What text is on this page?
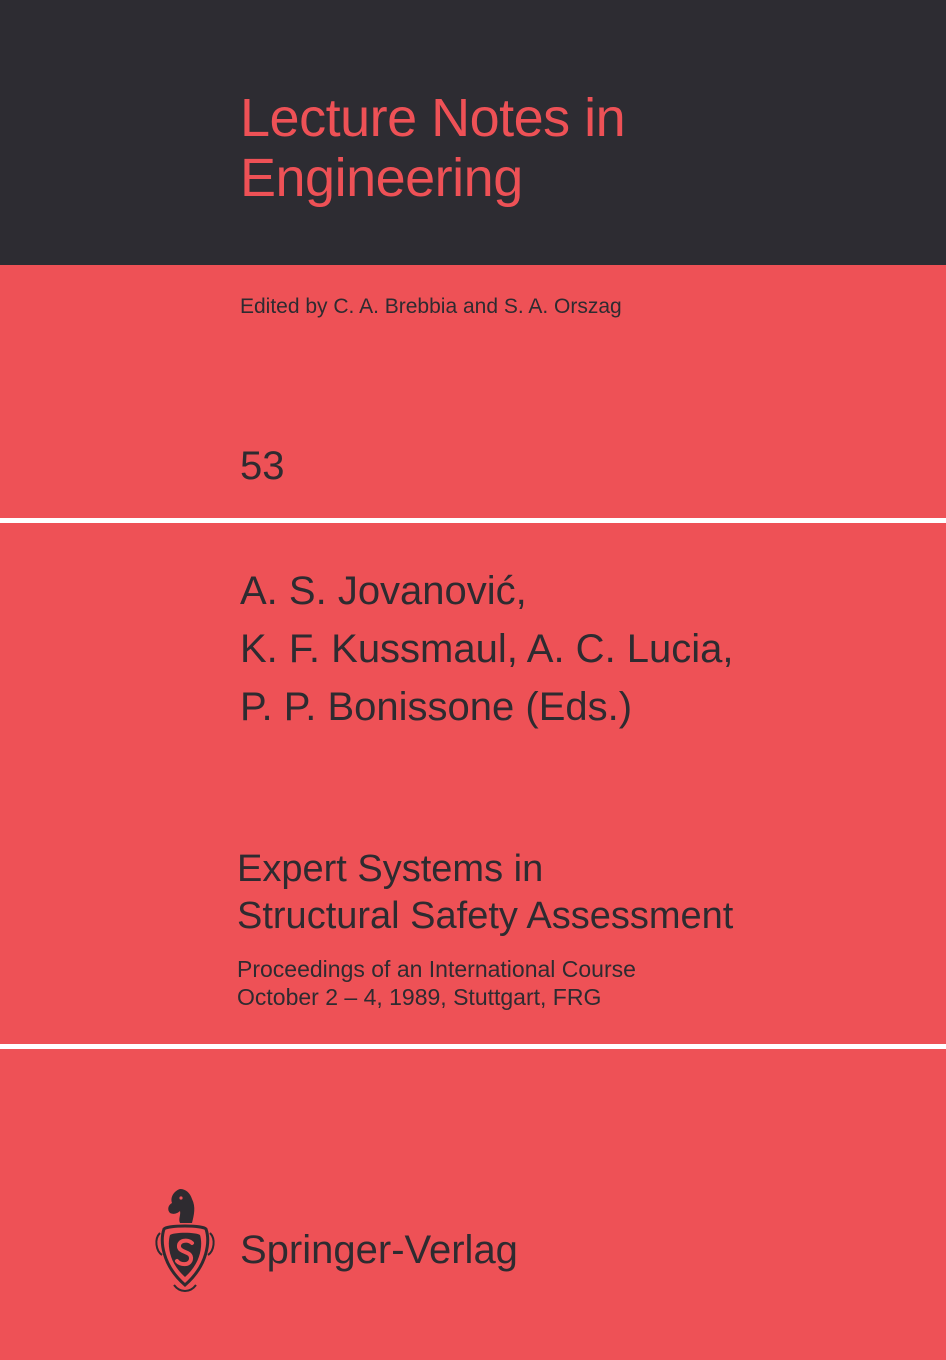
Lecture Notes in
Engineering
Edited by C. A. Brebbia and S. A. Orszag
53
A. S. Jovanović,
K. F. Kussmaul, A. C. Lucia,
P. P. Bonissone (Eds.)
Expert Systems in
Structural Safety Assessment
Proceedings of an International Course
October 2 – 4, 1989, Stuttgart, FRG
Springer-Verlag
